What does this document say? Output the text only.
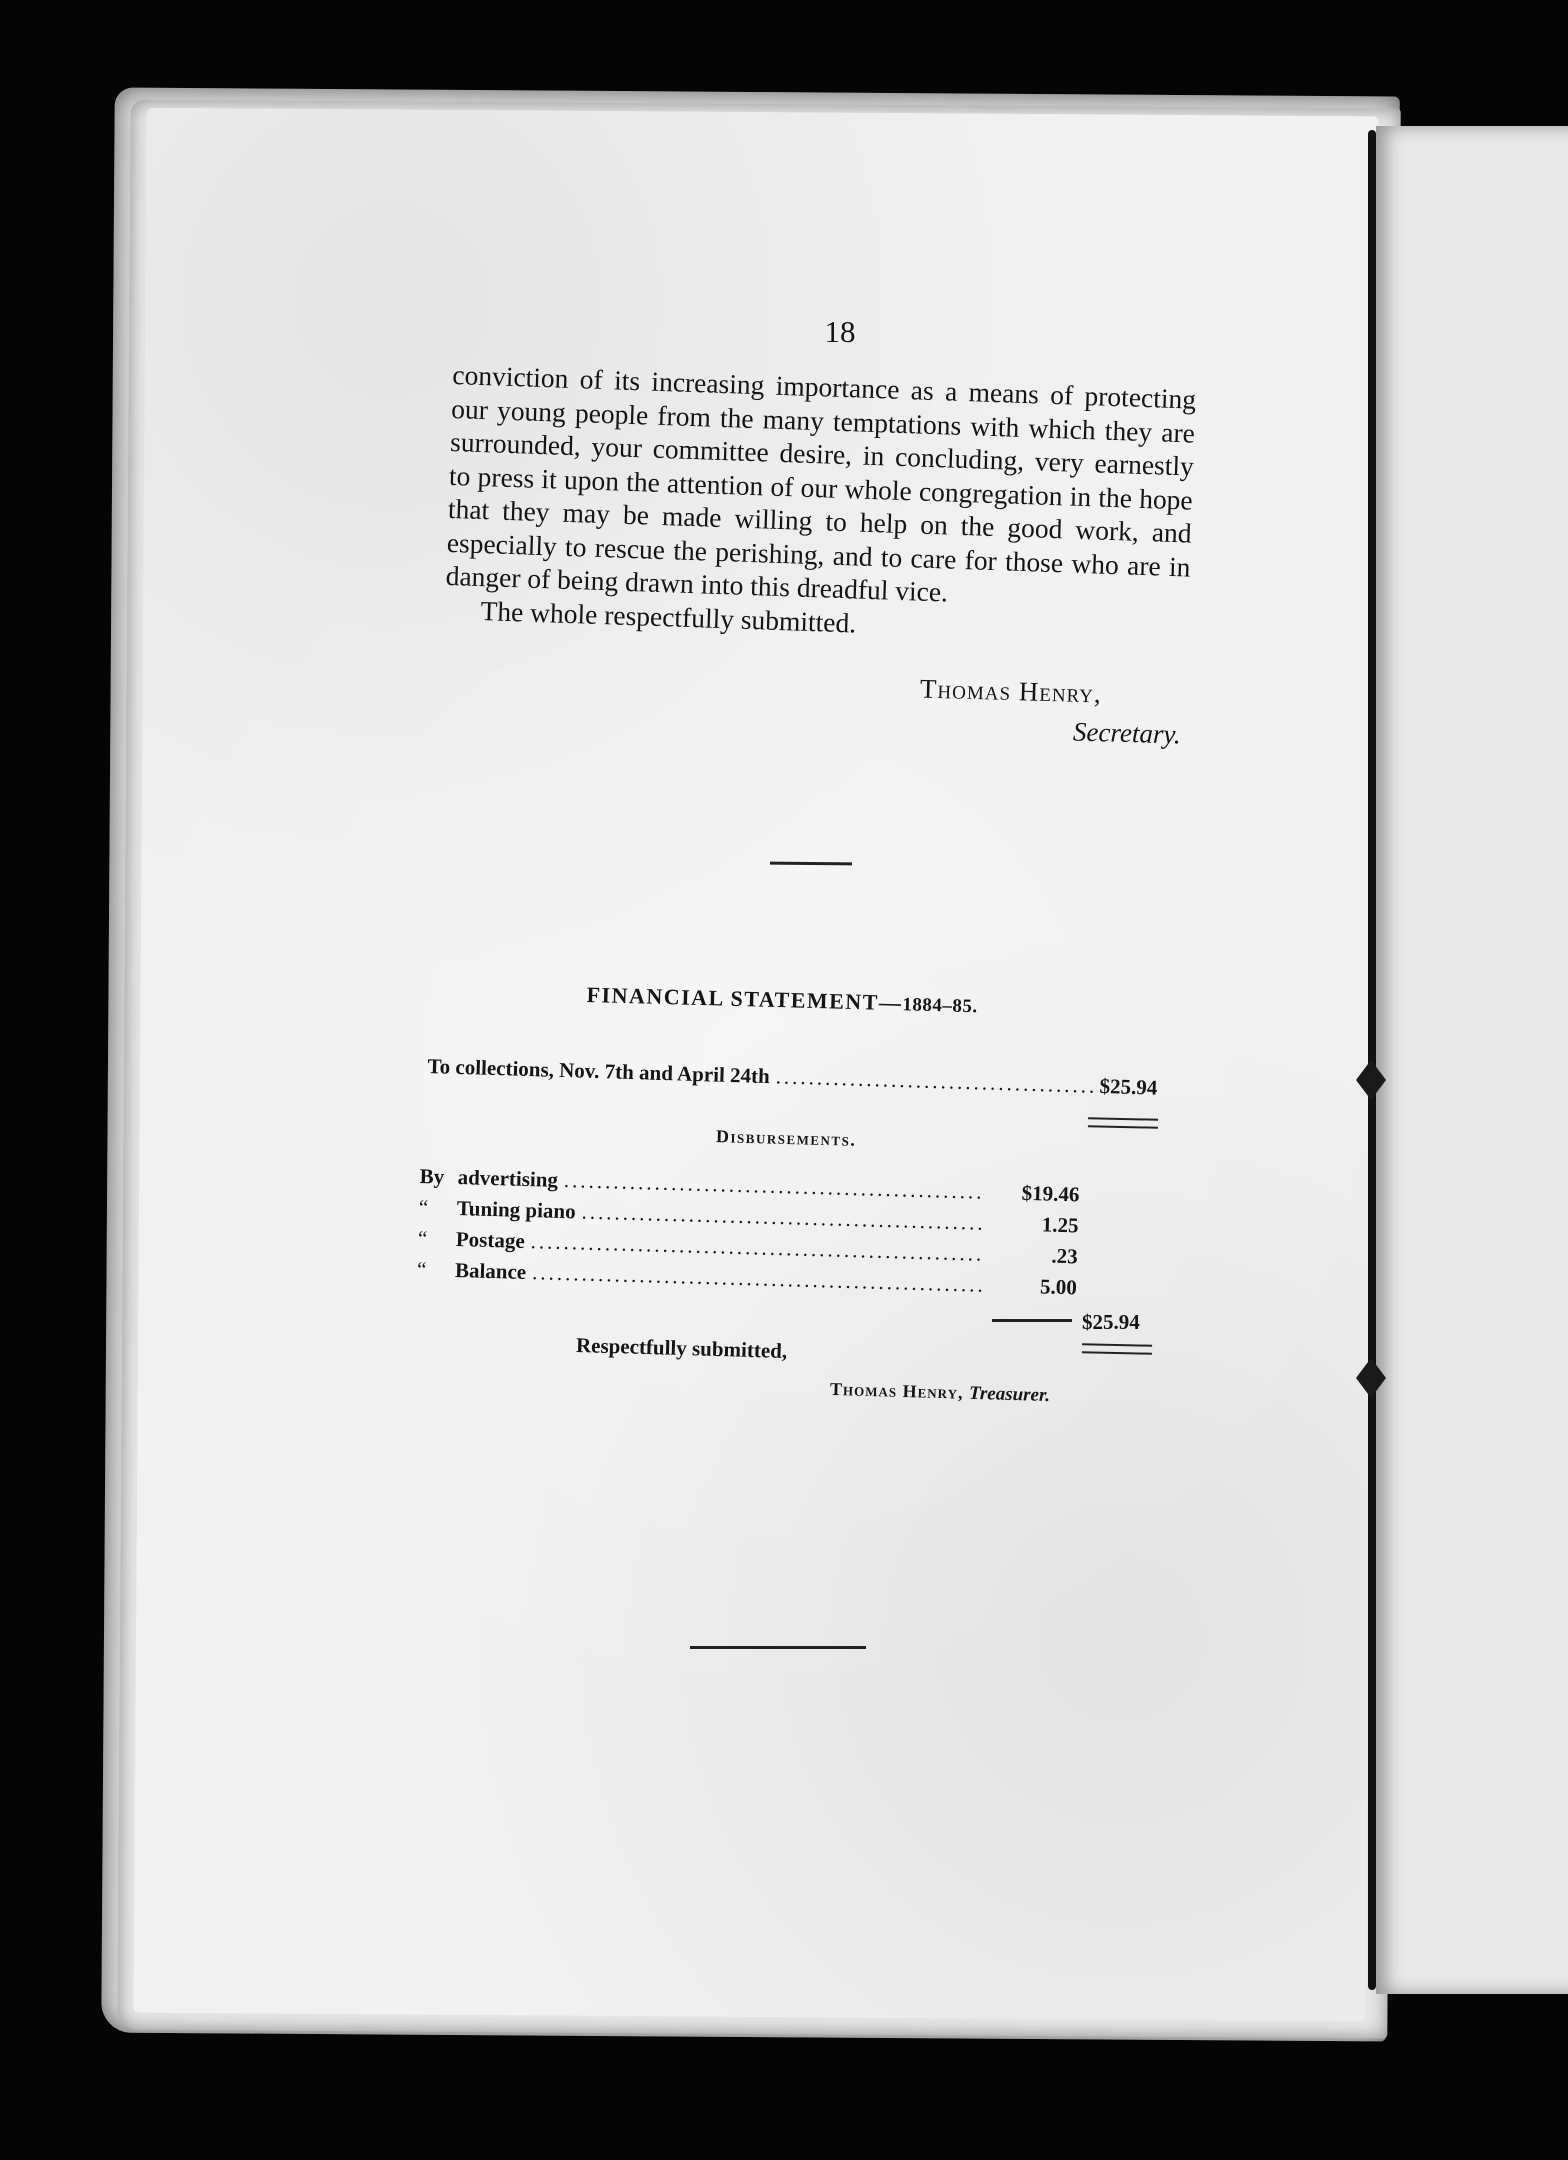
18

conviction of its increasing importance as a means of protecting our young people from the many temptations with which they are surrounded, your committee desire, in concluding, very earnestly to press it upon the attention of our whole congregation in the hope that they may be made willing to help on the good work, and especially to rescue the perishing, and to care for those who are in danger of being drawn into this dreadful vice.

The whole respectfully submitted.

Thomas Henry,
Secretary.
FINANCIAL STATEMENT—1884–85.
To collections, Nov. 7th and April 24th
.....	$25.94
Disbursements.
By advertising
.....
$19.46
“	Tuning piano
.....
1.25
“	Postage
.....
.23
“	Balance
.....
5.00
$25.94
Respectfully submitted,
Thomas Henry, Treasurer.
